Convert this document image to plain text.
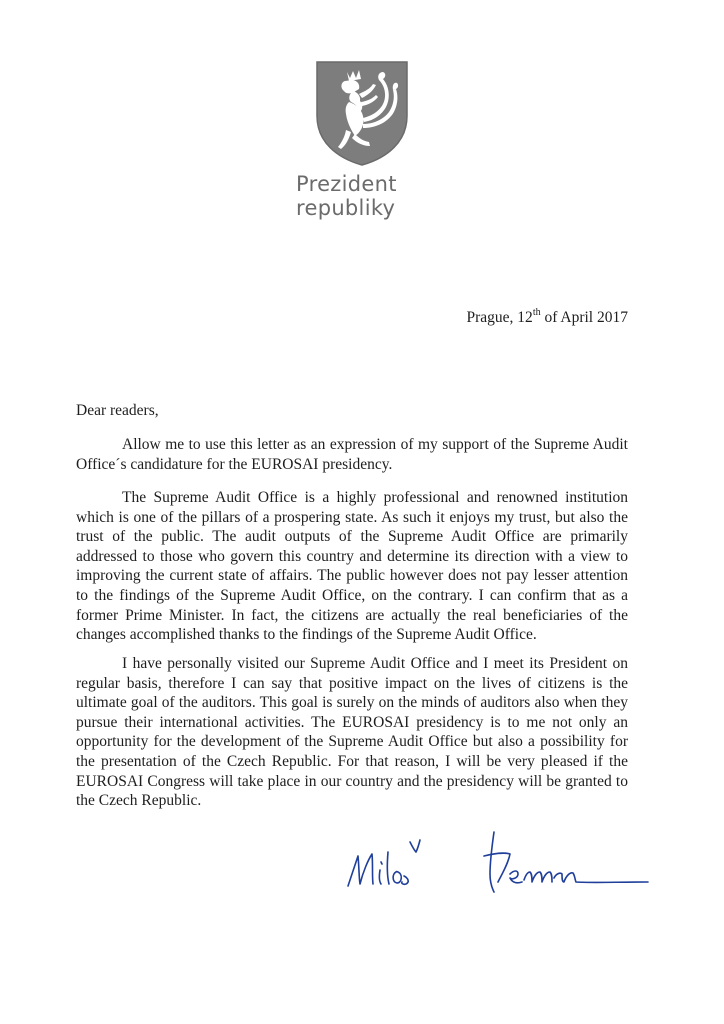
Prezident
republiky
Prague, 12th of April 2017
Dear readers,

Allow me to use this letter as an expression of my support of the Supreme Audit Office´s candidature for the EUROSAI presidency.

The Supreme Audit Office is a highly professional and renowned institution which is one of the pillars of a prospering state. As such it enjoys my trust, but also the trust of the public. The audit outputs of the Supreme Audit Office are primarily addressed to those who govern this country and determine its direction with a view to improving the current state of affairs. The public however does not pay lesser attention to the findings of the Supreme Audit Office, on the contrary. I can confirm that as a former Prime Minister. In fact, the citizens are actually the real beneficiaries of the changes accomplished thanks to the findings of the Supreme Audit Office.

I have personally visited our Supreme Audit Office and I meet its President on regular basis, therefore I can say that positive impact on the lives of citizens is the ultimate goal of the auditors. This goal is surely on the minds of auditors also when they pursue their international activities. The EUROSAI presidency is to me not only an opportunity for the development of the Supreme Audit Office but also a possibility for the presentation of the Czech Republic. For that reason, I will be very pleased if the EUROSAI Congress will take place in our country and the presidency will be granted to the Czech Republic.
